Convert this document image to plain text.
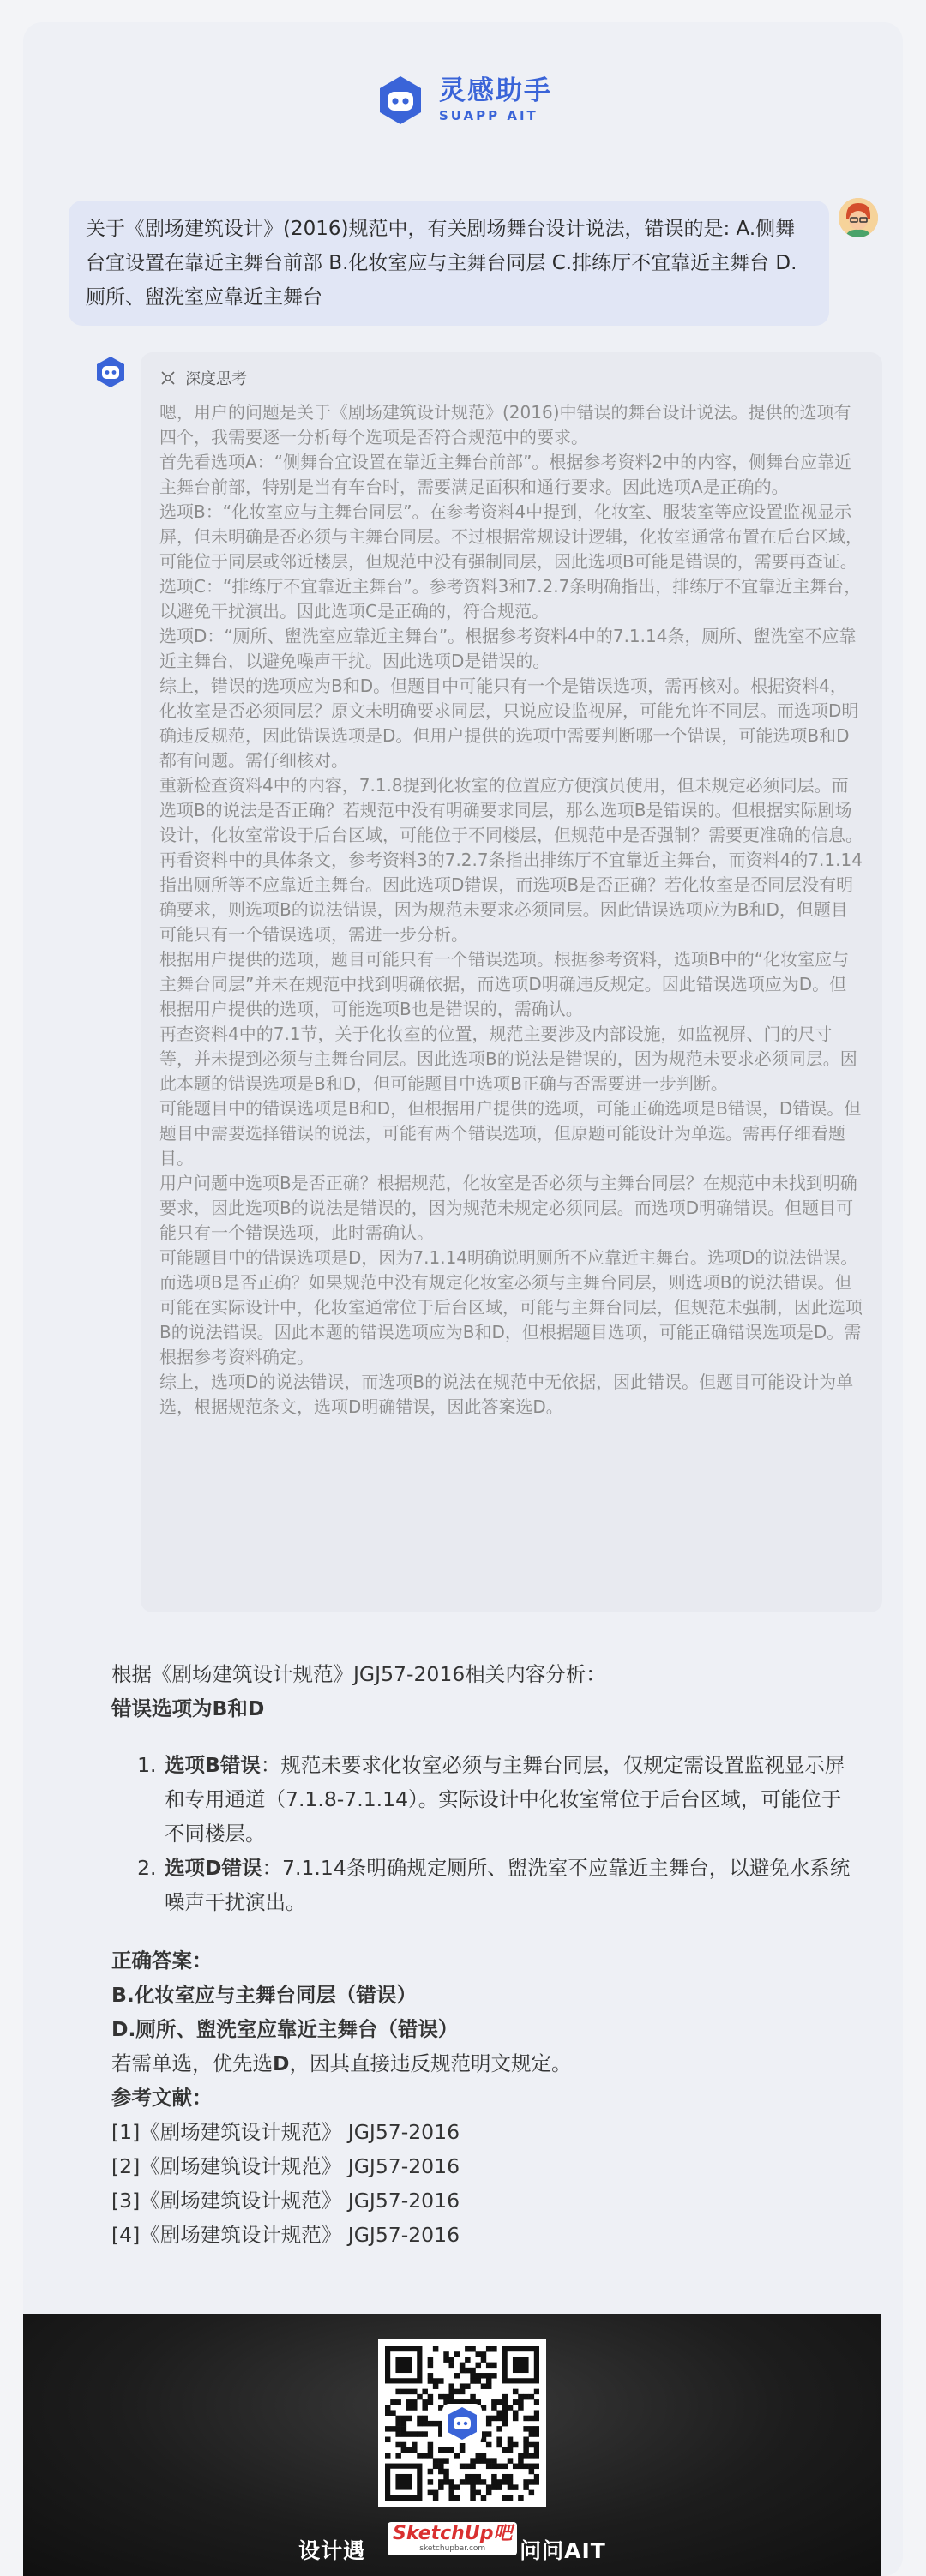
灵感助手
SUAPP AIT
关于《剧场建筑设计》(2016)规范中，有关剧场舞台设计说法，错误的是: A.侧舞台宜设置在靠近主舞台前部 B.化妆室应与主舞台同层 C.排练厅不宜靠近主舞台 D.厕所、盥洗室应靠近主舞台
深度思考

嗯，用户的问题是关于《剧场建筑设计规范》(2016)中错误的舞台设计说法。提供的选项有四个，我需要逐一分析每个选项是否符合规范中的要求。

首先看选项A：“侧舞台宜设置在靠近主舞台前部”。根据参考资料2中的内容，侧舞台应靠近主舞台前部，特别是当有车台时，需要满足面积和通行要求。因此选项A是正确的。

选项B：“化妆室应与主舞台同层”。在参考资料4中提到，化妆室、服装室等应设置监视显示屏，但未明确是否必须与主舞台同层。不过根据常规设计逻辑，化妆室通常布置在后台区域，可能位于同层或邻近楼层，但规范中没有强制同层，因此选项B可能是错误的，需要再查证。

选项C：“排练厅不宜靠近主舞台”。参考资料3和7.2.7条明确指出，排练厅不宜靠近主舞台，以避免干扰演出。因此选项C是正确的，符合规范。

选项D：“厕所、盥洗室应靠近主舞台”。根据参考资料4中的7.1.14条，厕所、盥洗室不应靠近主舞台，以避免噪声干扰。因此选项D是错误的。

综上，错误的选项应为B和D。但题目中可能只有一个是错误选项，需再核对。根据资料4，化妆室是否必须同层？原文未明确要求同层，只说应设监视屏，可能允许不同层。而选项D明确违反规范，因此错误选项是D。但用户提供的选项中需要判断哪一个错误，可能选项B和D都有问题。需仔细核对。

重新检查资料4中的内容，7.1.8提到化妆室的位置应方便演员使用，但未规定必须同层。而选项B的说法是否正确？若规范中没有明确要求同层，那么选项B是错误的。但根据实际剧场设计，化妆室常设于后台区域，可能位于不同楼层，但规范中是否强制？需要更准确的信息。

再看资料中的具体条文，参考资料3的7.2.7条指出排练厅不宜靠近主舞台，而资料4的7.1.14指出厕所等不应靠近主舞台。因此选项D错误，而选项B是否正确？若化妆室是否同层没有明确要求，则选项B的说法错误，因为规范未要求必须同层。因此错误选项应为B和D，但题目可能只有一个错误选项，需进一步分析。

根据用户提供的选项，题目可能只有一个错误选项。根据参考资料，选项B中的“化妆室应与主舞台同层”并未在规范中找到明确依据，而选项D明确违反规定。因此错误选项应为D。但根据用户提供的选项，可能选项B也是错误的，需确认。

再查资料4中的7.1节，关于化妆室的位置，规范主要涉及内部设施，如监视屏、门的尺寸等，并未提到必须与主舞台同层。因此选项B的说法是错误的，因为规范未要求必须同层。因此本题的错误选项是B和D，但可能题目中选项B正确与否需要进一步判断。

可能题目中的错误选项是B和D，但根据用户提供的选项，可能正确选项是B错误，D错误。但题目中需要选择错误的说法，可能有两个错误选项，但原题可能设计为单选。需再仔细看题目。

用户问题中选项B是否正确？根据规范，化妆室是否必须与主舞台同层？在规范中未找到明确要求，因此选项B的说法是错误的，因为规范未规定必须同层。而选项D明确错误。但题目可能只有一个错误选项，此时需确认。

可能题目中的错误选项是D，因为7.1.14明确说明厕所不应靠近主舞台。选项D的说法错误。而选项B是否正确？如果规范中没有规定化妆室必须与主舞台同层，则选项B的说法错误。但可能在实际设计中，化妆室通常位于后台区域，可能与主舞台同层，但规范未强制，因此选项B的说法错误。因此本题的错误选项应为B和D，但根据题目选项，可能正确错误选项是D。需根据参考资料确定。

综上，选项D的说法错误，而选项B的说法在规范中无依据，因此错误。但题目可能设计为单选，根据规范条文，选项D明确错误，因此答案选D。

根据《剧场建筑设计规范》JGJ57-2016相关内容分析：

错误选项为B和D

1. 选项B错误：规范未要求化妆室必须与主舞台同层，仅规定需设置监视显示屏和专用通道（7.1.8-7.1.14）。实际设计中化妆室常位于后台区域，可能位于不同楼层。
2. 选项D错误：7.1.14条明确规定厕所、盥洗室不应靠近主舞台，以避免水系统噪声干扰演出。

正确答案：

B.化妆室应与主舞台同层（错误）

D.厕所、盥洗室应靠近主舞台（错误）

若需单选，优先选D，因其直接违反规范明文规定。

参考文献：

[1]《剧场建筑设计规范》 JGJ57-2016

[2]《剧场建筑设计规范》 JGJ57-2016

[3]《剧场建筑设计规范》 JGJ57-2016

[4]《剧场建筑设计规范》 JGJ57-2016

设计遇	问问AIT
SketchUp吧
sketchupbar.com
